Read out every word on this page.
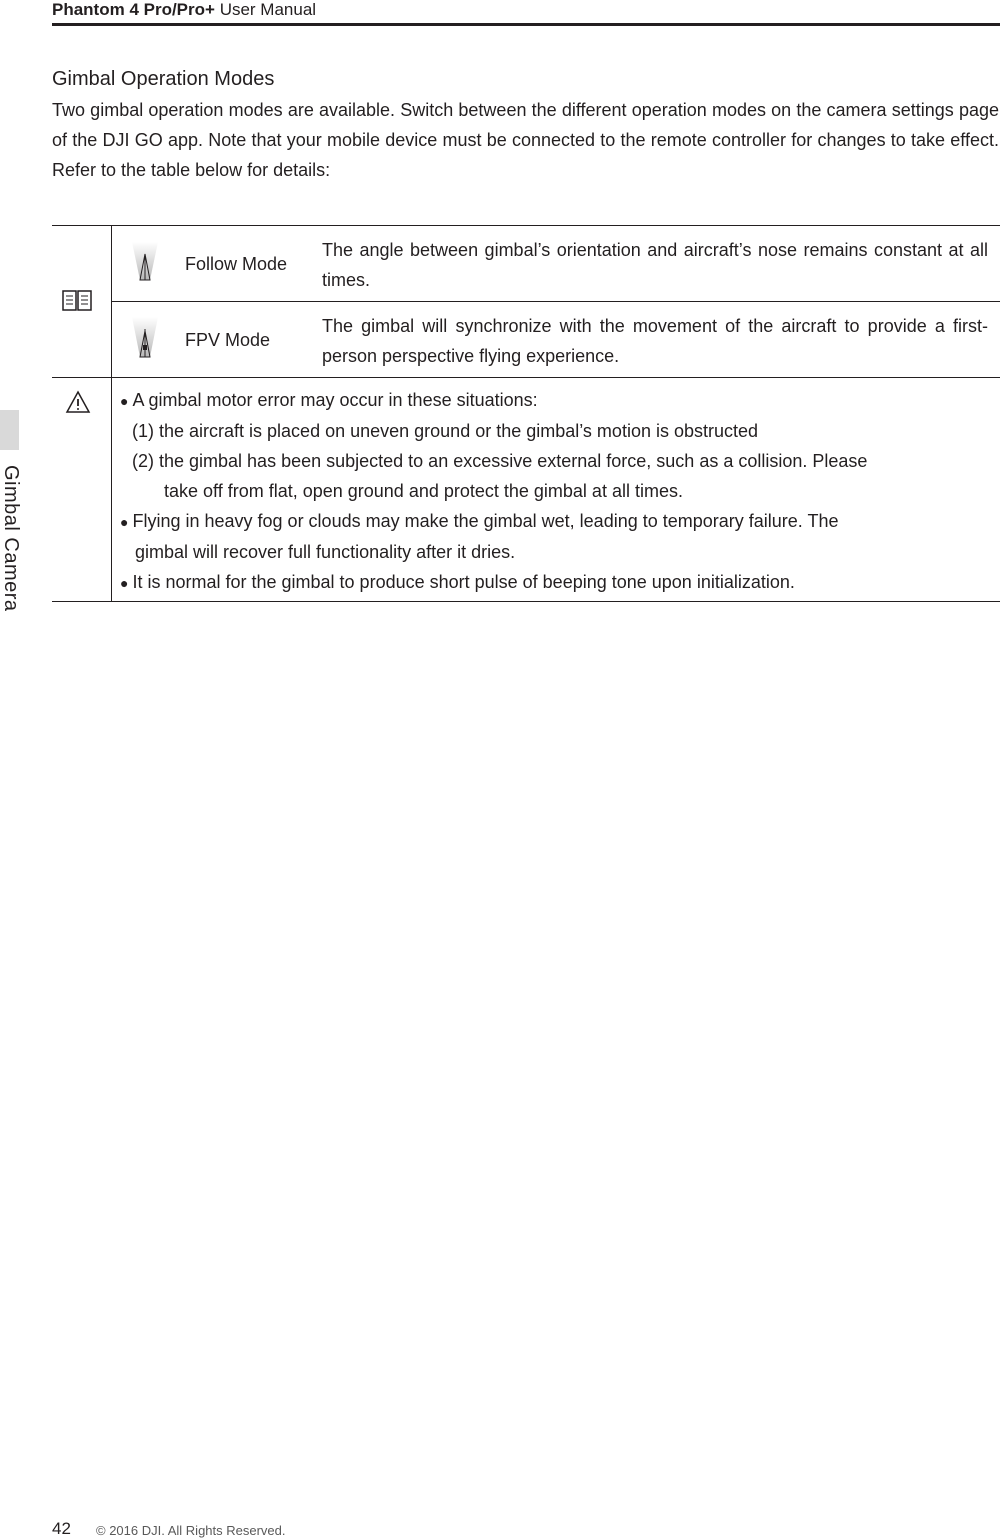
Phantom 4 Pro/Pro+ User Manual
Gimbal Camera
Gimbal Operation Modes
Two gimbal operation modes are available. Switch between the different operation modes on the camera settings page of the DJI GO app. Note that your mobile device must be connected to the remote controller for changes to take effect. Refer to the table below for details:
Follow Mode
The angle between gimbal’s orientation and aircraft’s nose remains constant at all times.
FPV Mode
The gimbal will synchronize with the movement of the aircraft to provide a first-person perspective flying experience.
● A gimbal motor error may occur in these situations:
(1) the aircraft is placed on uneven ground or the gimbal’s motion is obstructed
(2) the gimbal has been subjected to an excessive external force, such as a collision. Please
take off from flat, open ground and protect the gimbal at all times.
● Flying in heavy fog or clouds may make the gimbal wet, leading to temporary failure. The
gimbal will recover full functionality after it dries.
● It is normal for the gimbal to produce short pulse of beeping tone upon initialization.
42 © 2016 DJI. All Rights Reserved.
